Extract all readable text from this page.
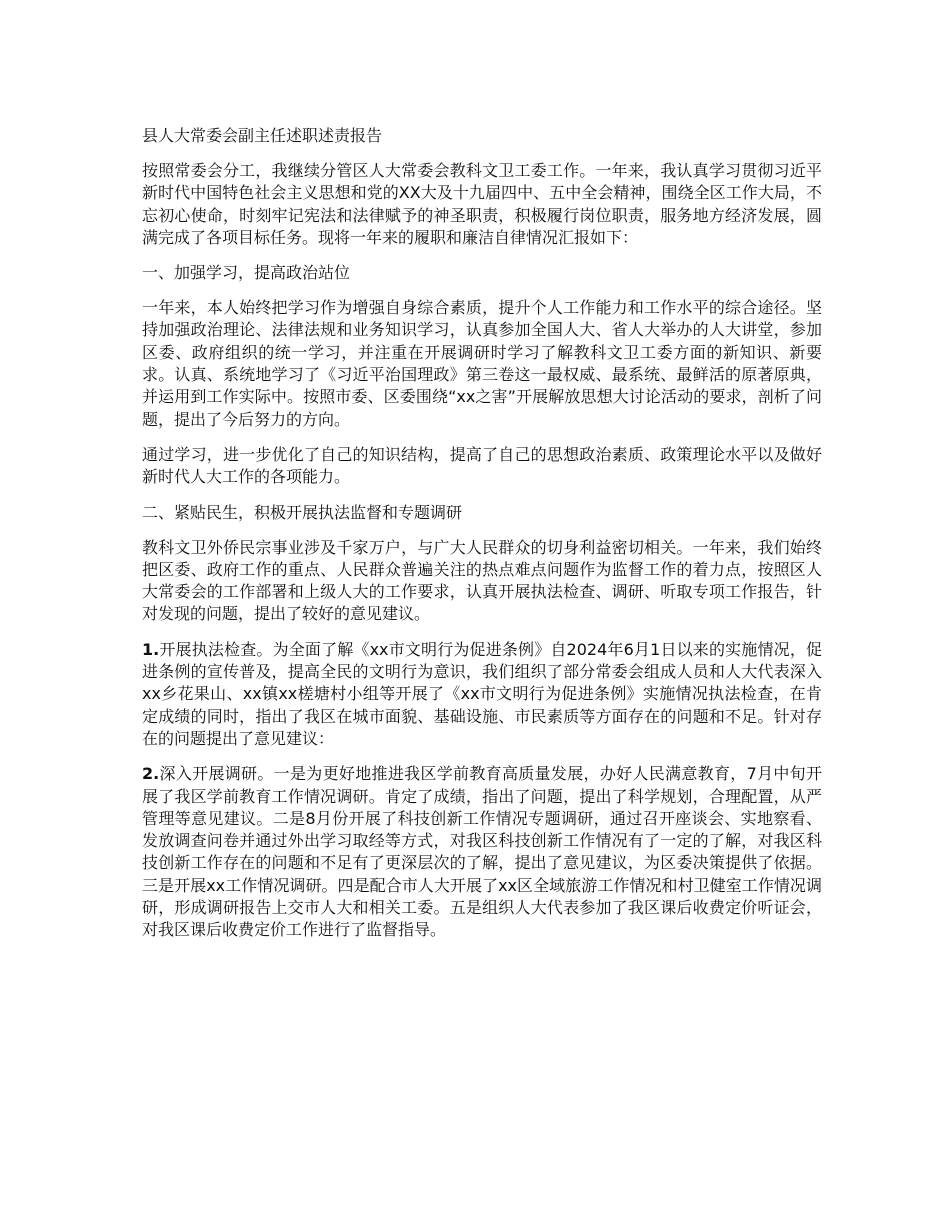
县人大常委会副主任述职述责报告

按照常委会分工，我继续分管区人大常委会教科文卫工委工作。一年来，我认真学习贯彻习近平新时代中国特色社会主义思想和党的XX大及十九届四中、五中全会精神，围绕全区工作大局，不忘初心使命，时刻牢记宪法和法律赋予的神圣职责，积极履行岗位职责，服务地方经济发展，圆满完成了各项目标任务。现将一年来的履职和廉洁自律情况汇报如下：

一、加强学习，提高政治站位

一年来，本人始终把学习作为增强自身综合素质，提升个人工作能力和工作水平的综合途径。坚持加强政治理论、法律法规和业务知识学习，认真参加全国人大、省人大举办的人大讲堂，参加区委、政府组织的统一学习，并注重在开展调研时学习了解教科文卫工委方面的新知识、新要求。认真、系统地学习了《习近平治国理政》第三卷这一最权威、最系统、最鲜活的原著原典，并运用到工作实际中。按照市委、区委围绕“xx之害”开展解放思想大讨论活动的要求，剖析了问题，提出了今后努力的方向。

通过学习，进一步优化了自己的知识结构，提高了自己的思想政治素质、政策理论水平以及做好新时代人大工作的各项能力。

二、紧贴民生，积极开展执法监督和专题调研

教科文卫外侨民宗事业涉及千家万户，与广大人民群众的切身利益密切相关。一年来，我们始终把区委、政府工作的重点、人民群众普遍关注的热点难点问题作为监督工作的着力点，按照区人大常委会的工作部署和上级人大的工作要求，认真开展执法检查、调研、听取专项工作报告，针对发现的问题，提出了较好的意见建议。

1.开展执法检查。为全面了解《xx市文明行为促进条例》自2024年6月1日以来的实施情况，促进条例的宣传普及，提高全民的文明行为意识，我们组织了部分常委会组成人员和人大代表深入xx乡花果山、xx镇xx槎塘村小组等开展了《xx市文明行为促进条例》实施情况执法检查，在肯定成绩的同时，指出了我区在城市面貌、基础设施、市民素质等方面存在的问题和不足。针对存在的问题提出了意见建议：

2.深入开展调研。一是为更好地推进我区学前教育高质量发展，办好人民满意教育，7月中旬开展了我区学前教育工作情况调研。肯定了成绩，指出了问题，提出了科学规划，合理配置，从严管理等意见建议。二是8月份开展了科技创新工作情况专题调研，通过召开座谈会、实地察看、发放调查问卷并通过外出学习取经等方式，对我区科技创新工作情况有了一定的了解，对我区科技创新工作存在的问题和不足有了更深层次的了解，提出了意见建议，为区委决策提供了依据。三是开展xx工作情况调研。四是配合市人大开展了xx区全域旅游工作情况和村卫健室工作情况调研，形成调研报告上交市人大和相关工委。五是组织人大代表参加了我区课后收费定价听证会，对我区课后收费定价工作进行了监督指导。
